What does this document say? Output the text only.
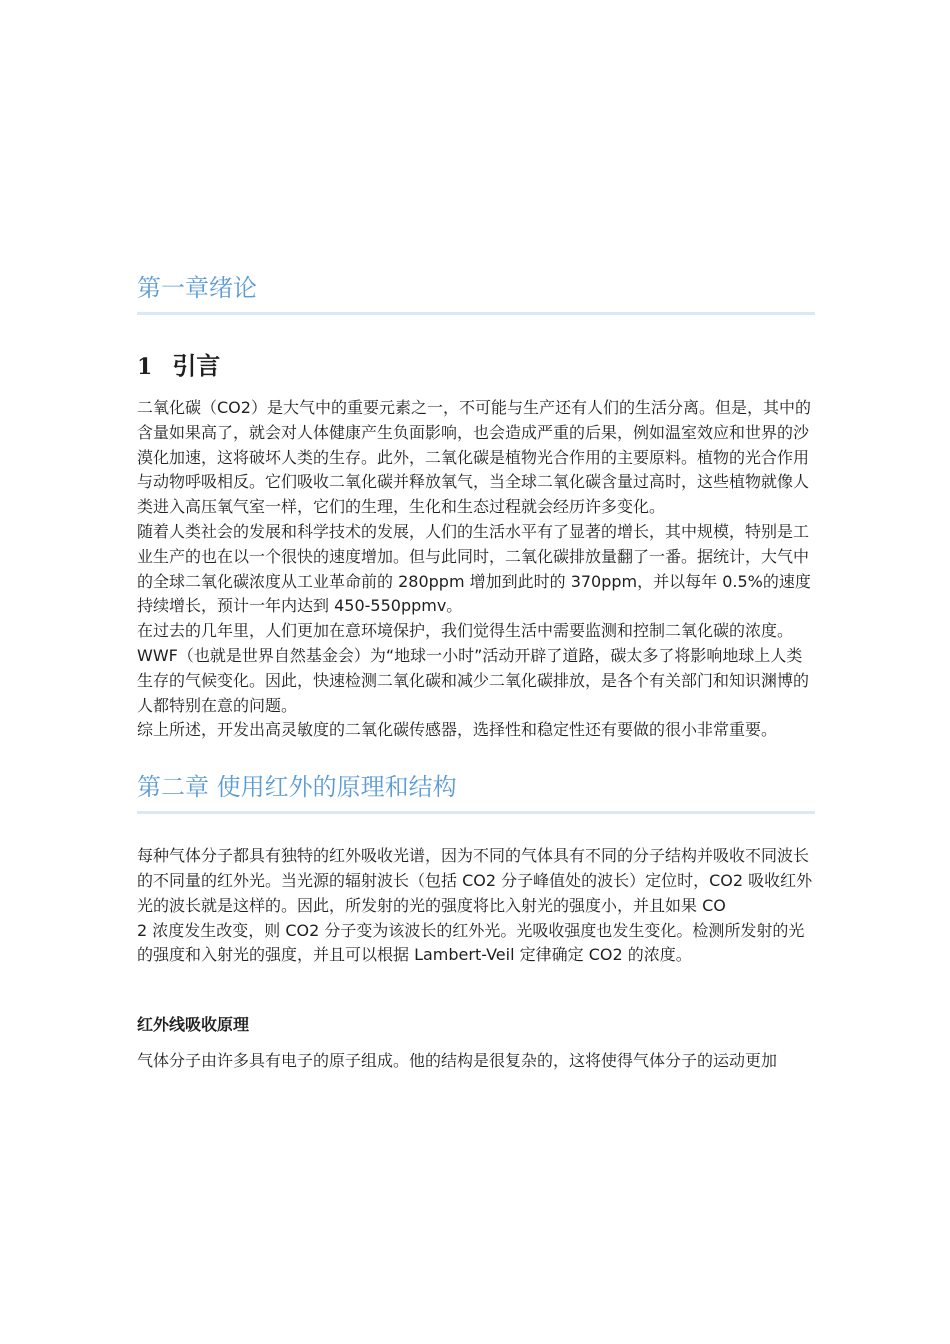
第一章绪论
1 引言

二氧化碳（CO2）是大气中的重要元素之一，不可能与生产还有人们的生活分离。但是，其中的含量如果高了，就会对人体健康产生负面影响，也会造成严重的后果，例如温室效应和世界的沙漠化加速，这将破坏人类的生存。此外，二氧化碳是植物光合作用的主要原料。植物的光合作用与动物呼吸相反。它们吸收二氧化碳并释放氧气，当全球二氧化碳含量过高时，这些植物就像人类进入高压氧气室一样，它们的生理，生化和生态过程就会经历许多变化。

随着人类社会的发展和科学技术的发展，人们的生活水平有了显著的增长，其中规模，特别是工业生产的也在以一个很快的速度增加。但与此同时，二氧化碳排放量翻了一番。据统计，大气中的全球二氧化碳浓度从工业革命前的 280ppm 增加到此时的 370ppm，并以每年 0.5%的速度持续增长，预计一年内达到 450-550ppmv。

在过去的几年里，人们更加在意环境保护，我们觉得生活中需要监测和控制二氧化碳的浓度。WWF（也就是世界自然基金会）为“地球一小时”活动开辟了道路，碳太多了将影响地球上人类生存的气候变化。因此，快速检测二氧化碳和减少二氧化碳排放，是各个有关部门和知识渊博的人都特别在意的问题。

综上所述，开发出高灵敏度的二氧化碳传感器，选择性和稳定性还有要做的很小非常重要。

第二章 使用红外的原理和结构

每种气体分子都具有独特的红外吸收光谱，因为不同的气体具有不同的分子结构并吸收不同波长的不同量的红外光。当光源的辐射波长（包括 CO2 分子峰值处的波长）定位时，CO2 吸收红外光的波长就是这样的。因此，所发射的光的强度将比入射光的强度小，并且如果 CO

2 浓度发生改变，则 CO2 分子变为该波长的红外光。光吸收强度也发生变化。检测所发射的光的强度和入射光的强度，并且可以根据 Lambert-Veil 定律确定 CO2 的浓度。

红外线吸收原理

气体分子由许多具有电子的原子组成。他的结构是很复杂的，这将使得气体分子的运动更加
